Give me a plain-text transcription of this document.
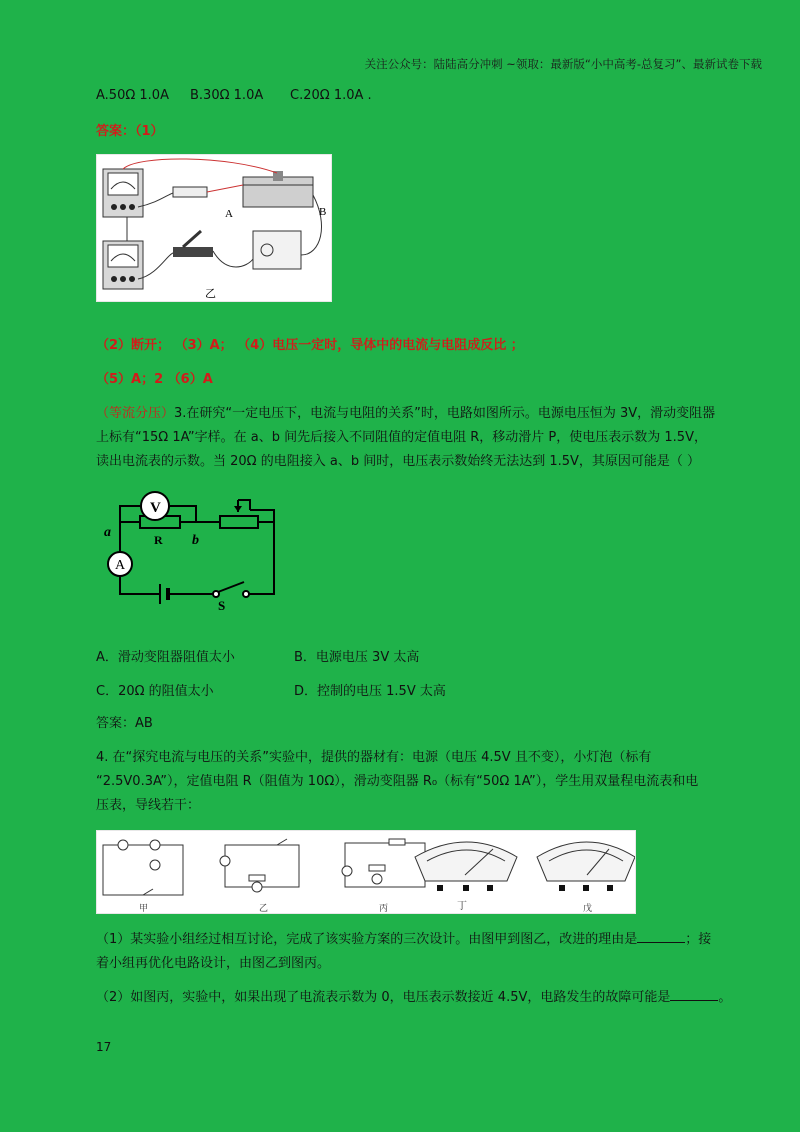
关注公众号：陆陆高分冲刺 ~领取：最新版“小中高考-总复习”、最新试卷下载
A.50Ω 1.0A B.30Ω 1.0A C.20Ω 1.0A .
答案：（1）
A	B
乙
（2）断开； （3）A； （4）电压一定时，导体中的电流与电阻成反比 ；
（5）A；2 （6）A
（等流分压）3.在研究“一定电压下，电流与电阻的关系”时，电路如图所示。电源电压恒为 3V，滑动变阻器
上标有“15Ω 1A”字样。在 a、b 间先后接入不同阻值的定值电阻 R，移动滑片 P，使电压表示数为 1.5V，
读出电流表的示数。当 20Ω 的电阻接入 a、b 间时，电压表示数始终无法达到 1.5V，其原因可能是（ ）
V
A
R
a
b
S
A．滑动变阻器阻值太小	B．电源电压 3V 太高
C．20Ω 的阻值太小	D．控制的电压 1.5V 太高
答案：AB
4. 在“探究电流与电压的关系”实验中，提供的器材有：电源（电压 4.5V 且不变），小灯泡（标有
“2.5V0.3A”），定值电阻 R（阻值为 10Ω），滑动变阻器 R₀（标有“50Ω 1A”），学生用双量程电流表和电
压表，导线若干：
甲	乙	丙	丁	戊
（1）某实验小组经过相互讨论，完成了该实验方案的三次设计。由图甲到图乙，改进的理由是	；接
着小组再优化电路设计，由图乙到图丙。
（2）如图丙，实验中，如果出现了电流表示数为 0，电压表示数接近 4.5V，电路发生的故障可能是	。
17
